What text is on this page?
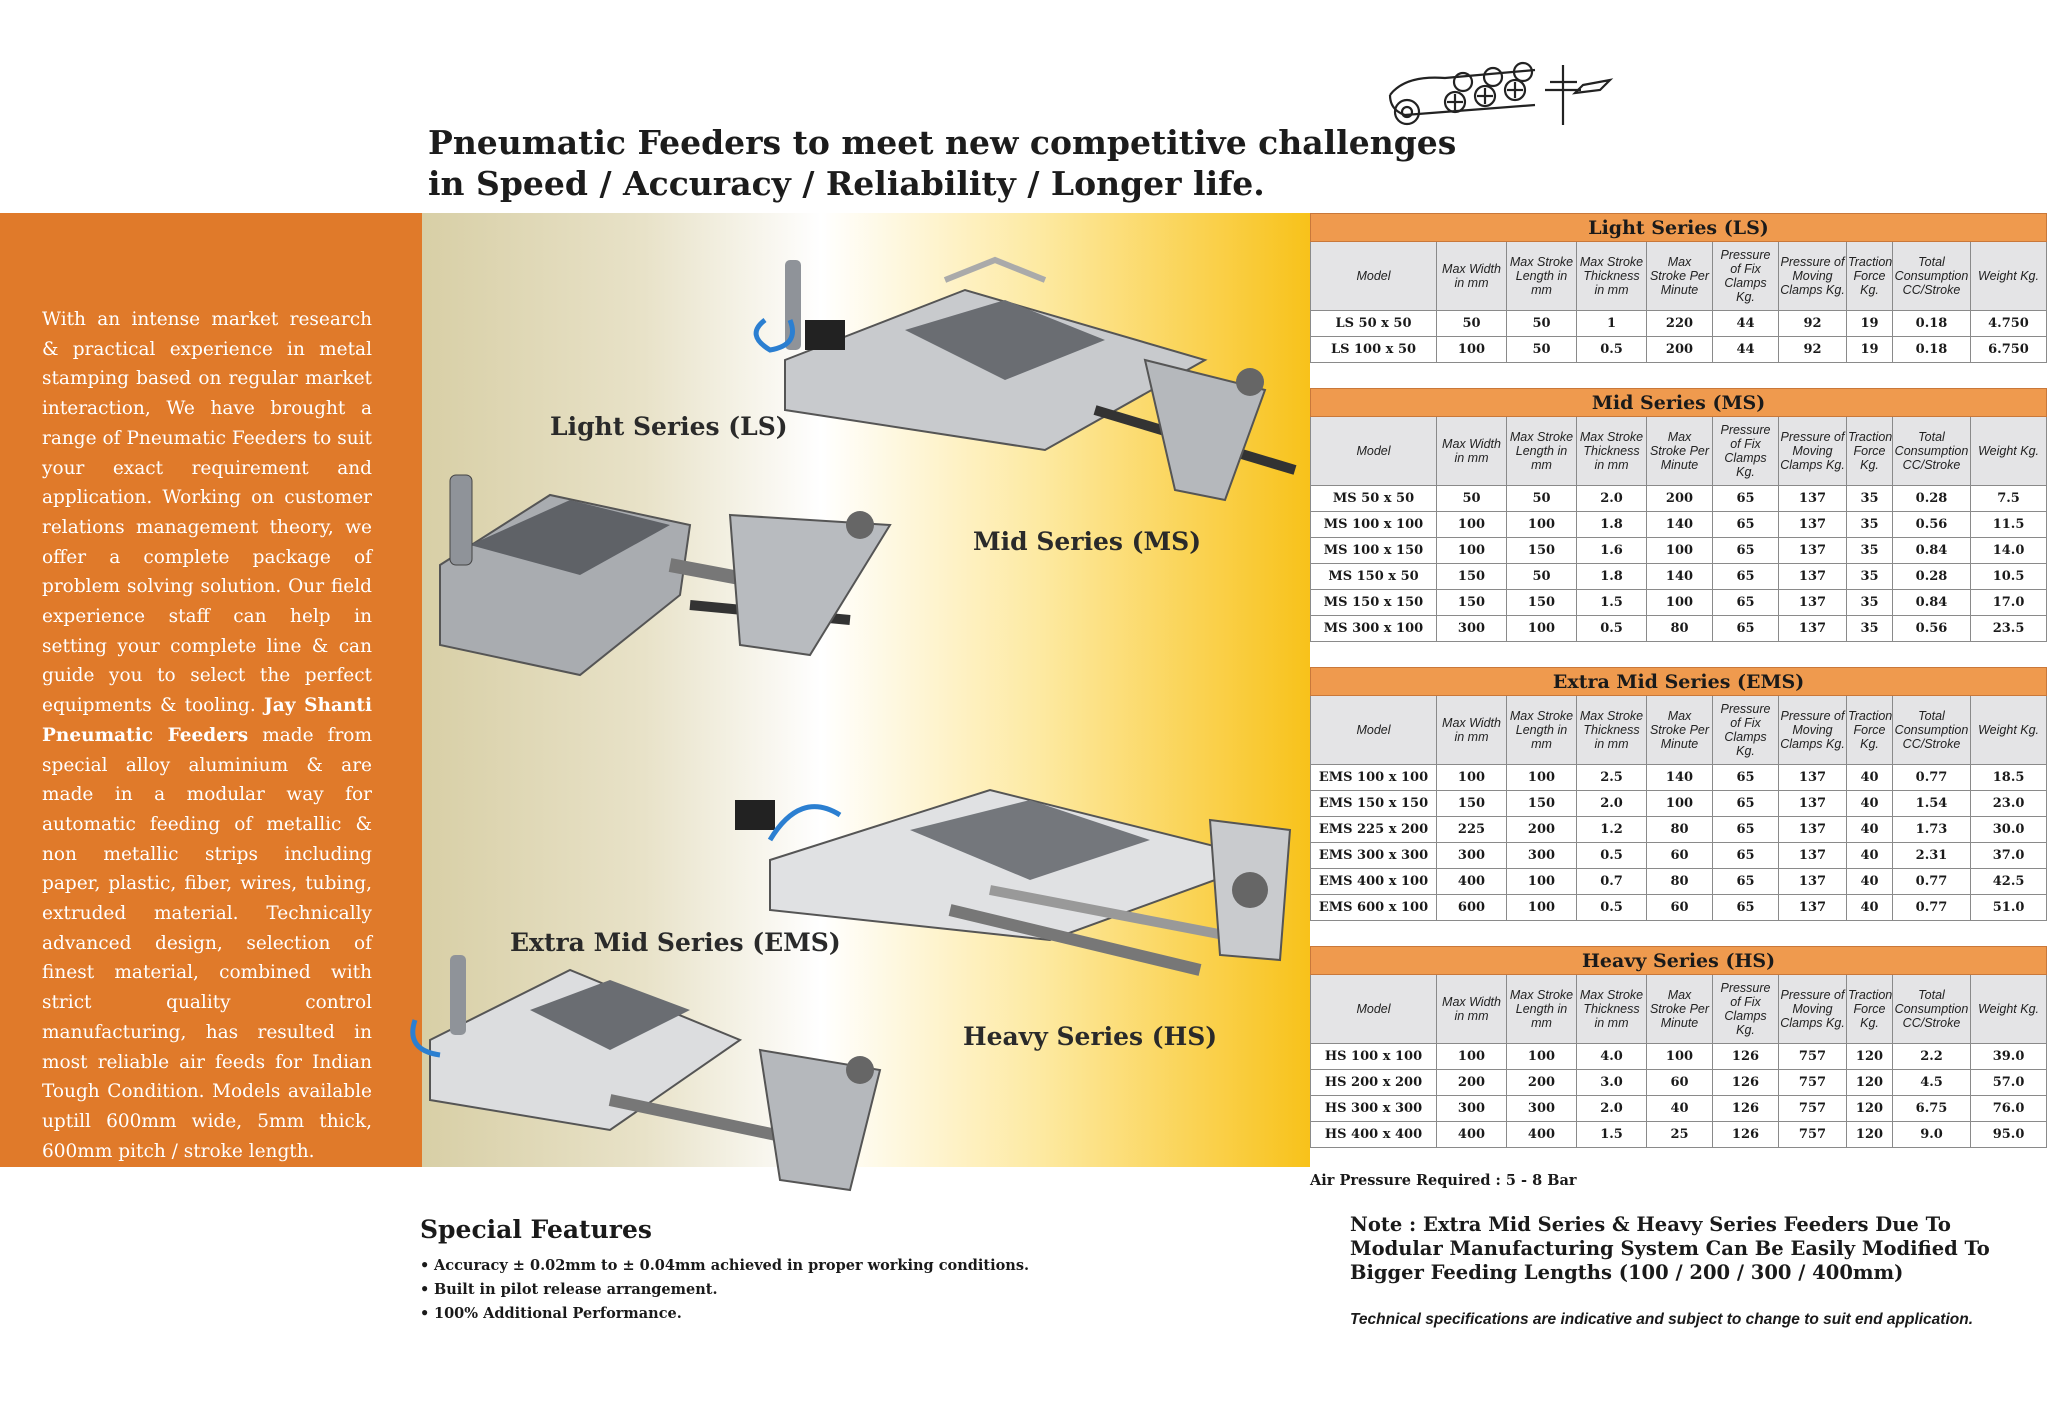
Pneumatic Feeders to meet new competitive challenges
in Speed / Accuracy / Reliability / Longer life.

With an intense market research & practical experience in metal stamping based on regular market interaction, We have brought a range of Pneumatic Feeders to suit your exact requirement and application. Working on customer relations management theory, we offer a complete package of problem solving solution. Our field experience staff can help in setting your complete line & can guide you to select the perfect equipments & tooling. Jay Shanti Pneumatic Feeders made from special alloy aluminium & are made in a modular way for automatic feeding of metallic & non metallic strips including paper, plastic, fiber, wires, tubing, extruded material. Technically advanced design, selection of finest material, combined with strict quality control manufacturing, has resulted in most reliable air feeds for Indian Tough Condition. Models available uptill 600mm wide, 5mm thick, 600mm pitch / stroke length.

Light Series (LS)
Mid Series (MS)
Extra Mid Series (EMS)
Heavy Series (HS)
Light Series (LS)									
Model	Max Width in mm	Max Stroke Length in mm	Max Stroke Thickness in mm	Max Stroke Per Minute	Pressure of Fix Clamps Kg.	Pressure of Moving Clamps Kg.	Traction Force Kg.	Total Consumption CC/Stroke	Weight Kg.
LS 50 x 50	50	50	1	220	44	92	19	0.18	4.750
LS 100 x 50	100	50	0.5	200	44	92	19	0.18	6.750
Mid Series (MS)									
Model	Max Width in mm	Max Stroke Length in mm	Max Stroke Thickness in mm	Max Stroke Per Minute	Pressure of Fix Clamps Kg.	Pressure of Moving Clamps Kg.	Traction Force Kg.	Total Consumption CC/Stroke	Weight Kg.
MS 50 x 50	50	50	2.0	200	65	137	35	0.28	7.5
MS 100 x 100	100	100	1.8	140	65	137	35	0.56	11.5
MS 100 x 150	100	150	1.6	100	65	137	35	0.84	14.0
MS 150 x 50	150	50	1.8	140	65	137	35	0.28	10.5
MS 150 x 150	150	150	1.5	100	65	137	35	0.84	17.0
MS 300 x 100	300	100	0.5	80	65	137	35	0.56	23.5
Extra Mid Series (EMS)									
Model	Max Width in mm	Max Stroke Length in mm	Max Stroke Thickness in mm	Max Stroke Per Minute	Pressure of Fix Clamps Kg.	Pressure of Moving Clamps Kg.	Traction Force Kg.	Total Consumption CC/Stroke	Weight Kg.
EMS 100 x 100	100	100	2.5	140	65	137	40	0.77	18.5
EMS 150 x 150	150	150	2.0	100	65	137	40	1.54	23.0
EMS 225 x 200	225	200	1.2	80	65	137	40	1.73	30.0
EMS 300 x 300	300	300	0.5	60	65	137	40	2.31	37.0
EMS 400 x 100	400	100	0.7	80	65	137	40	0.77	42.5
EMS 600 x 100	600	100	0.5	60	65	137	40	0.77	51.0
Heavy Series (HS)									
Model	Max Width in mm	Max Stroke Length in mm	Max Stroke Thickness in mm	Max Stroke Per Minute	Pressure of Fix Clamps Kg.	Pressure of Moving Clamps Kg.	Traction Force Kg.	Total Consumption CC/Stroke	Weight Kg.
HS 100 x 100	100	100	4.0	100	126	757	120	2.2	39.0
HS 200 x 200	200	200	3.0	60	126	757	120	4.5	57.0
HS 300 x 300	300	300	2.0	40	126	757	120	6.75	76.0
HS 400 x 400	400	400	1.5	25	126	757	120	9.0	95.0
Air Pressure Required : 5 - 8 Bar
Special Features
• Accuracy ± 0.02mm to ± 0.04mm achieved in proper working conditions.
• Built in pilot release arrangement.
• 100% Additional Performance.

Note : Extra Mid Series & Heavy Series Feeders Due To Modular Manufacturing System Can Be Easily Modified To Bigger Feeding Lengths (100 / 200 / 300 / 400mm)

Technical specifications are indicative and subject to change to suit end application.
